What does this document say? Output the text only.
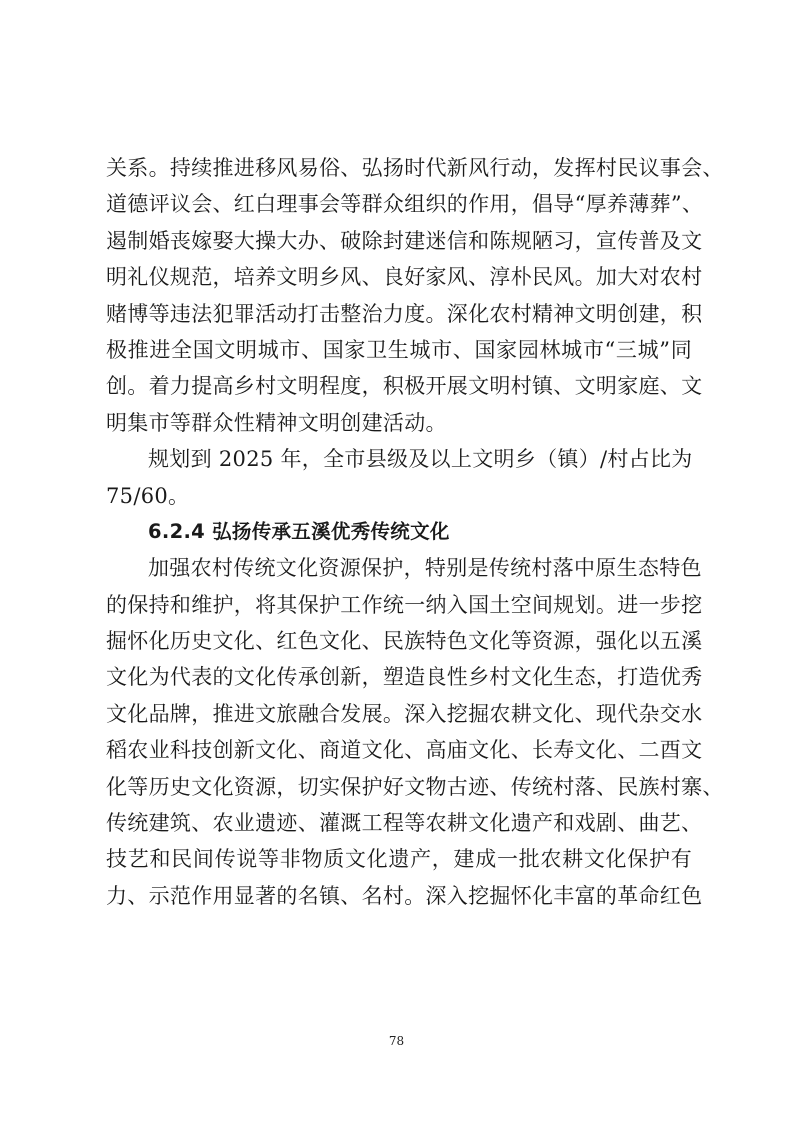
关系。持续推进移风易俗、弘扬时代新风行动，发挥村民议事会、
道德评议会、红白理事会等群众组织的作用，倡导“厚养薄葬”、
遏制婚丧嫁娶大操大办、破除封建迷信和陈规陋习，宣传普及文
明礼仪规范，培养文明乡风、良好家风、淳朴民风。加大对农村
赌博等违法犯罪活动打击整治力度。深化农村精神文明创建，积
极推进全国文明城市、国家卫生城市、国家园林城市“三城”同
创。着力提高乡村文明程度，积极开展文明村镇、文明家庭、文
明集市等群众性精神文明创建活动。
规划到 2025 年，全市县级及以上文明乡（镇）/村占比为
75/60。
6.2.4 弘扬传承五溪优秀传统文化
加强农村传统文化资源保护，特别是传统村落中原生态特色
的保持和维护，将其保护工作统一纳入国土空间规划。进一步挖
掘怀化历史文化、红色文化、民族特色文化等资源，强化以五溪
文化为代表的文化传承创新，塑造良性乡村文化生态，打造优秀
文化品牌，推进文旅融合发展。深入挖掘农耕文化、现代杂交水
稻农业科技创新文化、商道文化、高庙文化、长寿文化、二酉文
化等历史文化资源，切实保护好文物古迹、传统村落、民族村寨、
传统建筑、农业遗迹、灌溉工程等农耕文化遗产和戏剧、曲艺、
技艺和民间传说等非物质文化遗产，建成一批农耕文化保护有
力、示范作用显著的名镇、名村。深入挖掘怀化丰富的革命红色
78
